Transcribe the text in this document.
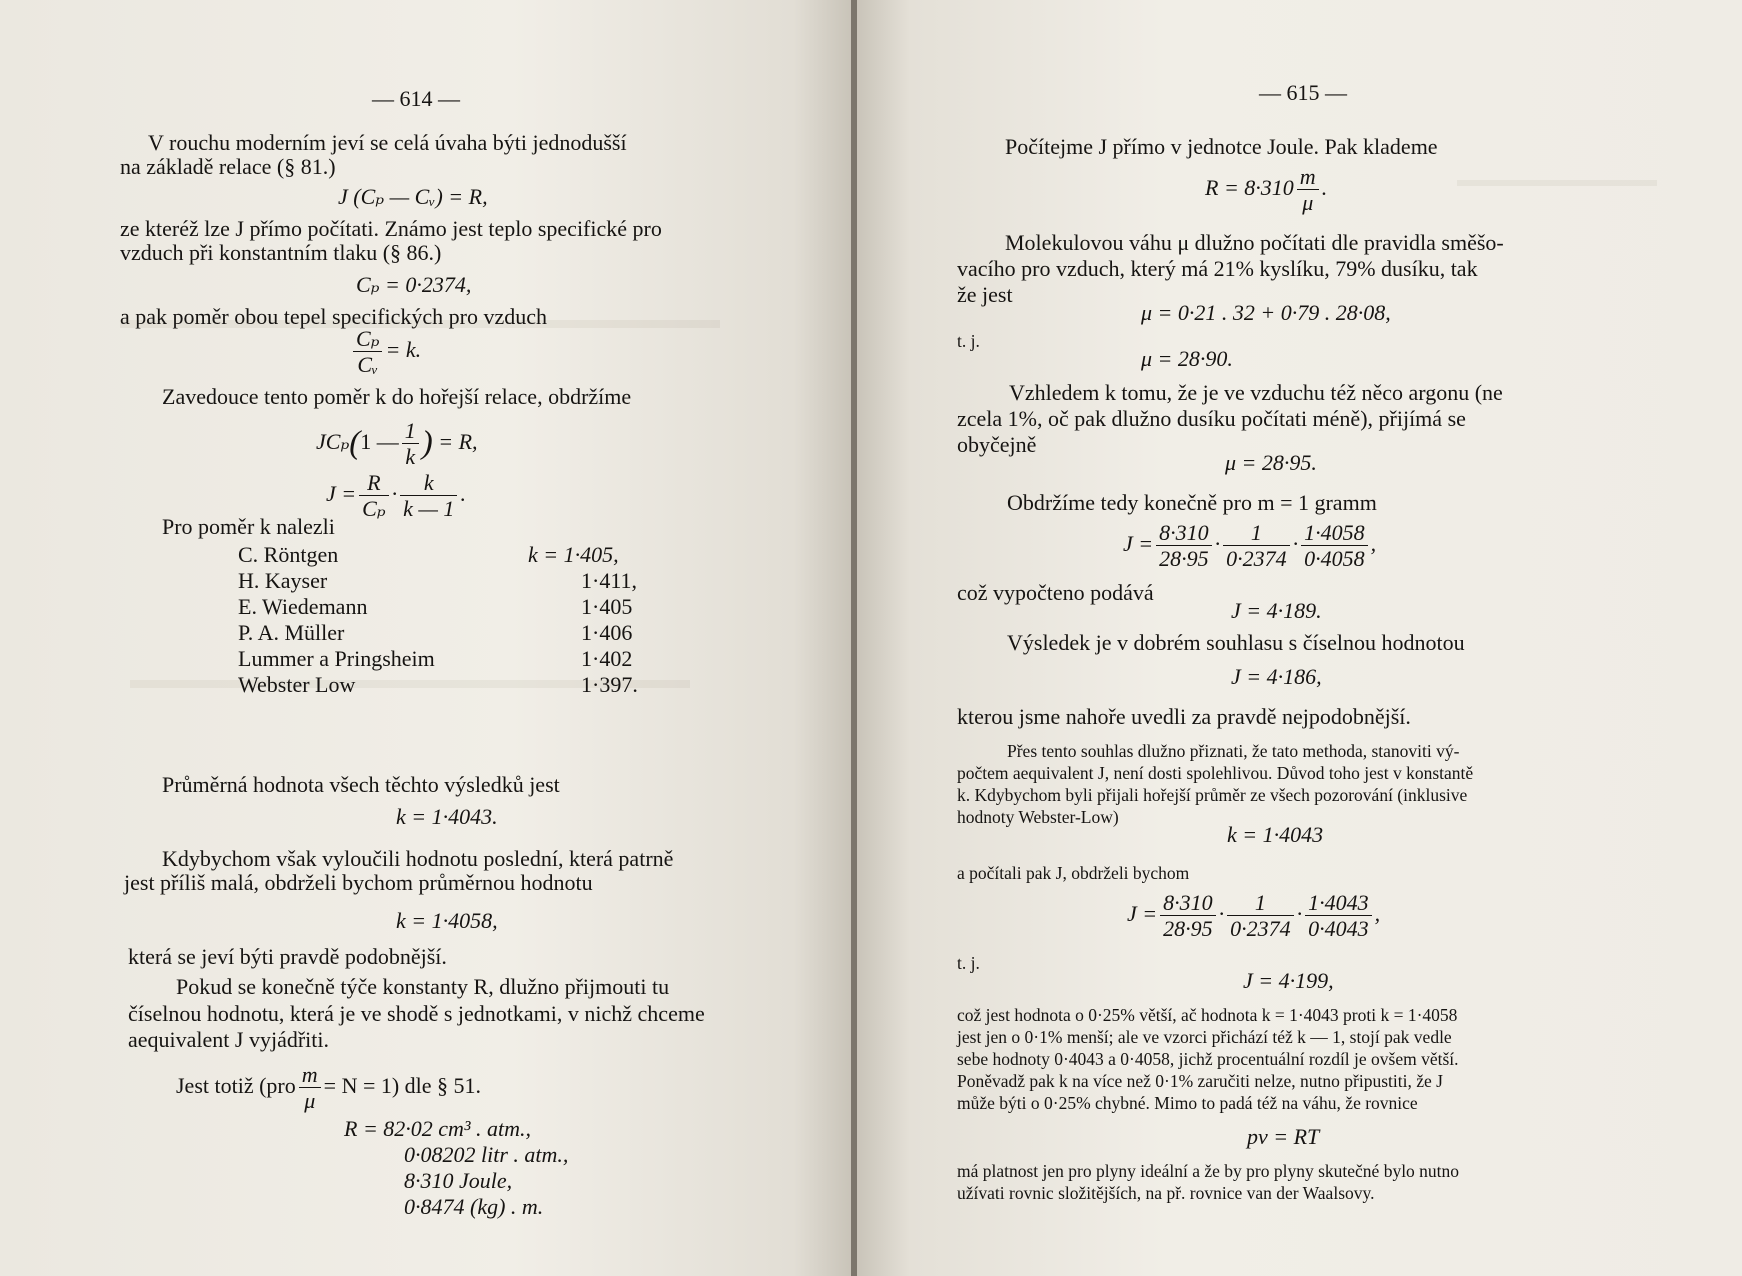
— 614 —
V rouchu moderním jeví se celá úvaha býti jednodušší
na základě relace (§ 81.)
J (Cₚ — Cᵥ) = R,
ze kteréž lze J přímo počítati. Známo jest teplo specifické pro
vzduch při konstantním tlaku (§ 86.)
Cₚ = 0·2374,
a pak poměr obou tepel specifických pro vzduch
$\frac{\text{Cₚ}}{\text{Cᵥ}} = k$.
Zavedouce tento poměr k do hořejší relace, obdržíme
JCₚ(1 — $\frac{1}{k}$ ) = R,
$J = \frac{R}{\text{Cₚ}} \cdot \frac{k}{k — 1}$ .
Pro poměr k nalezli
C. Röntgen	k = 1·405,
H. Kayser	1·411,
E. Wiedemann	1·405
P. A. Müller	1·406
Lummer a Pringsheim	1·402
Webster Low	1·397.
Průměrná hodnota všech těchto výsledků jest
k = 1·4043.
Kdybychom však vyloučili hodnotu poslední, která patrně
jest příliš malá, obdrželi bychom průměrnou hodnotu
k = 1·4058,
která se jeví býti pravdě podobnější.
Pokud se konečně týče konstanty R, dlužno přijmouti tu
číselnou hodnotu, která je ve shodě s jednotkami, v nichž chceme
aequivalent J vyjádřiti.
Jest totiž $(pro \frac{m}{\mu} = N = 1)$ dle § 51.
R = 82·02 cm³ . atm.,
0·08202 litr . atm.,
8·310 Joule,
0·8474 (kg) . m.
— 615 —
Počítejme J přímo v jednotce Joule. Pak klademe
$R = 8\cdot 310 \frac{m}{\mu}$ .
Molekulovou váhu μ dlužno počítati dle pravidla směšo-
vacího pro vzduch, který má 21% kyslíku, 79% dusíku, tak
že jest
μ = 0·21 . 32 + 0·79 . 28·08,
t. j.
μ = 28·90.
Vzhledem k tomu, že je ve vzduchu též něco argonu (ne
zcela 1%, oč pak dlužno dusíku počítati méně), přijímá se
obyčejně
μ = 28·95.
Obdržíme tedy konečně pro m = 1 gramm
$J = \frac{8\cdot 310}{28\cdot 95} \cdot \frac{1}{0\cdot 2374} \cdot \frac{1\cdot 4058}{0\cdot 4058}$ ,
což vypočteno podává
J = 4·189.
Výsledek je v dobrém souhlasu s číselnou hodnotou
J = 4·186,
kterou jsme nahoře uvedli za pravdě nejpodobnější.
Přes tento souhlas dlužno přiznati, že tato methoda, stanoviti vý-
počtem aequivalent J, není dosti spolehlivou. Důvod toho jest v konstantě
k. Kdybychom byli přijali hořejší průměr ze všech pozorování (inklusive
hodnoty Webster-Low)
k = 1·4043
a počítali pak J, obdrželi bychom
$J = \frac{8\cdot 310}{28\cdot 95} \cdot \frac{1}{0\cdot 2374} \cdot \frac{1\cdot 4043}{0\cdot 4043}$ ,
t. j.
J = 4·199,
což jest hodnota o 0·25% větší, ač hodnota k = 1·4043 proti k = 1·4058
jest jen o 0·1% menší; ale ve vzorci přichází též k — 1, stojí pak vedle
sebe hodnoty 0·4043 a 0·4058, jichž procentuální rozdíl je ovšem větší.
Poněvadž pak k na více než 0·1% zaručiti nelze, nutno připustiti, že J
může býti o 0·25% chybné. Mimo to padá též na váhu, že rovnice
pv = RT
má platnost jen pro plyny ideální a že by pro plyny skutečné bylo nutno
užívati rovnic složitějších, na př. rovnice van der Waalsovy.
